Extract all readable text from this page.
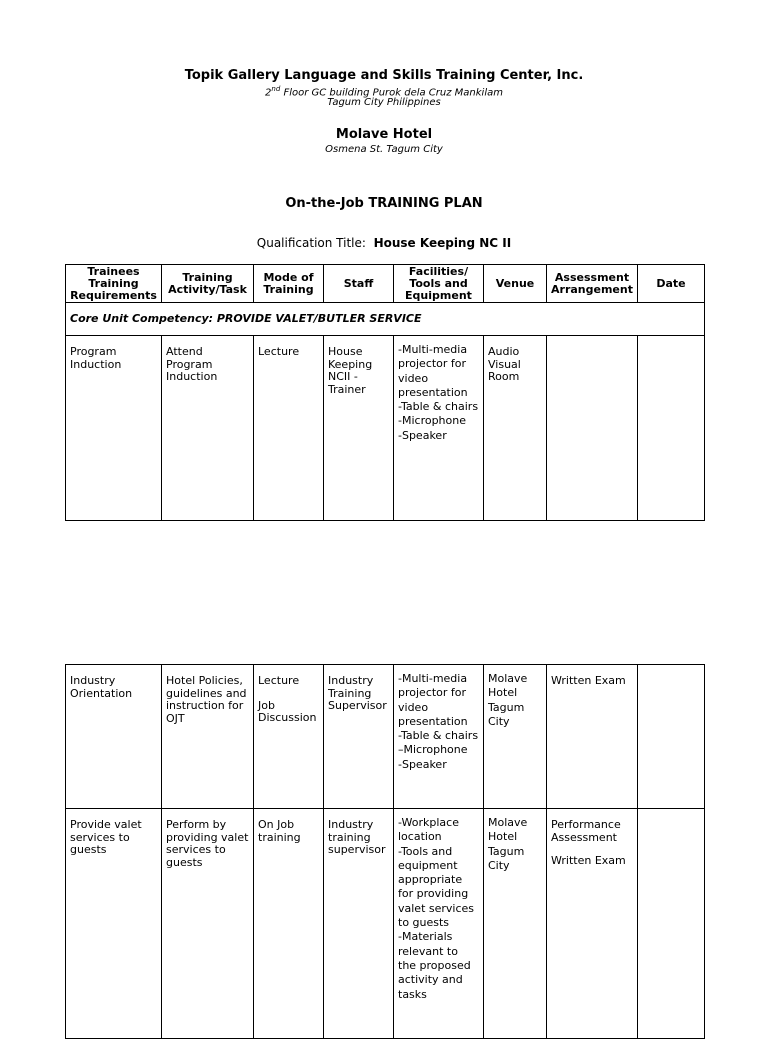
Topik Gallery Language and Skills Training Center, Inc.
2nd Floor GC building Purok dela Cruz Mankilam
Tagum City Philippines
Molave Hotel
Osmena St. Tagum City
On-the-Job TRAINING PLAN
Qualification Title: House Keeping NC II
Trainees Training Requirements	Training Activity/Task	Mode of Training	Staff	Facilities/ Tools and Equipment	Venue	Assessment Arrangement	Date
Core Unit Competency: PROVIDE VALET/BUTLER SERVICE							

Program Induction	Attend Program Induction	Lecture	House Keeping NCII - Trainer	-Multi-media projector for video presentation
-Table & chairs
-Microphone
-Speaker	Audio Visual Room		

Industry Orientation	Hotel Policies, guidelines and instruction for OJT	Lecture
Job Discussion	Industry Training Supervisor	-Multi-media projector for video presentation
-Table & chairs
–Microphone
-Speaker	Molave Hotel Tagum City	Written Exam	

Provide valet services to guests	Perform by providing valet services to guests	On Job training	Industry training supervisor	-Workplace location
-Tools and equipment appropriate for providing valet services to guests
-Materials relevant to the proposed activity and tasks	Molave Hotel Tagum City	Performance Assessment
Written Exam	
